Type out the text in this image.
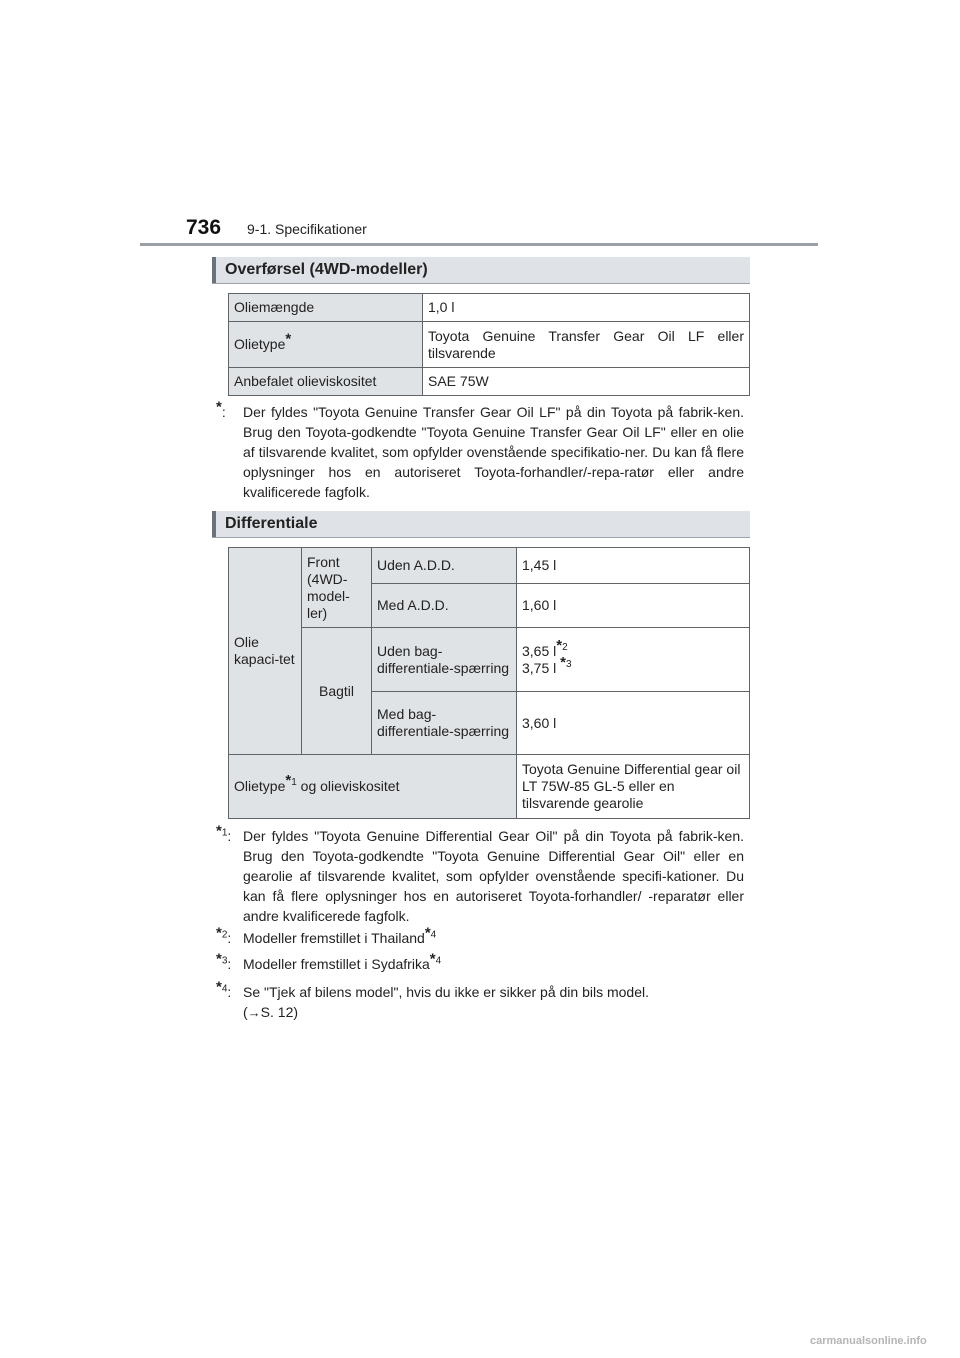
736 9-1. Specifikationer
Overførsel (4WD-modeller)
Oliemængde	1,0 l
Olietype*	Toyota Genuine Transfer Gear Oil LF eller tilsvarende
Anbefalet olieviskositet	SAE 75W
*:	Der fyldes "Toyota Genuine Transfer Gear Oil LF" på din Toyota på fabrik-ken. Brug den Toyota-godkendte "Toyota Genuine Transfer Gear Oil LF" eller en olie af tilsvarende kvalitet, som opfylder ovenstående specifikatio-ner. Du kan få flere oplysninger hos en autoriseret Toyota-forhandler/-repa-ratør eller andre kvalificerede fagfolk.
Differentiale
Olie kapaci-tet	Front (4WD-model-ler)	Uden A.D.D.	1,45 l
		Med A.D.D.	1,60 l
	Bagtil	Uden bag-differentiale-spærring	3,65 $l^{*2}$
3,75 l $^{*3}$
		Med bag-differentiale-spærring	3,60 l
Olietype$^{*1}$ og olieviskositet			Toyota Genuine Differential gear oil LT 75W-85 GL-5 eller en tilsvarende gearolie
$^{*1}$: Der fyldes "Toyota Genuine Differential Gear Oil" på din Toyota på fabrik-ken. Brug den Toyota-godkendte "Toyota Genuine Differential Gear Oil" eller en gearolie af tilsvarende kvalitet, som opfylder ovenstående specifi-kationer. Du kan få flere oplysninger hos en autoriseret Toyota-forhandler/ -reparatør eller andre kvalificerede fagfolk.
$^{*2}$: Modeller fremstillet i Thailand$^{*4}$
$^{*3}$: Modeller fremstillet i Sydafrika$^{*4}$
$^{*4}$: Se "Tjek af bilens model", hvis du ikke er sikker på din bils model.
(→S. 12)
carmanualsonline.info
